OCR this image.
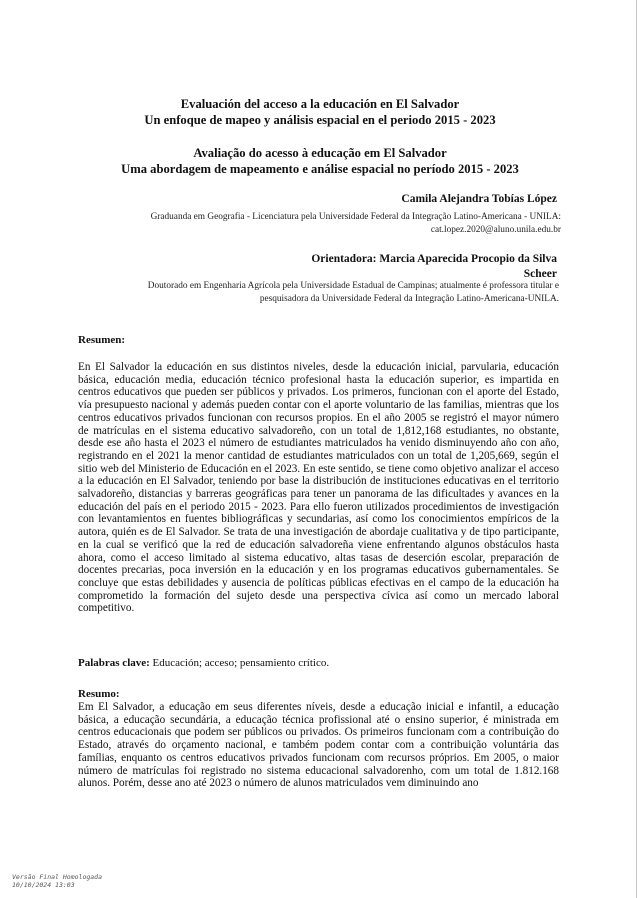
Evaluación del acceso a la educación en El Salvador
Un enfoque de mapeo y análisis espacial en el periodo 2015 - 2023
Avaliação do acesso à educação em El Salvador
Uma abordagem de mapeamento e análise espacial no período 2015 - 2023
Camila Alejandra Tobías López
Graduanda em Geografia - Licenciatura pela Universidade Federal da Integração Latino-Americana - UNILA:
cat.lopez.2020@aluno.unila.edu.br
Orientadora: Marcia Aparecida Procopio da Silva
Scheer
Doutorado em Engenharia Agrícola pela Universidade Estadual de Campinas; atualmente é professora titular e
pesquisadora da Universidade Federal da Integração Latino-Americana-UNILA.
Resumen:
En El Salvador la educación en sus distintos niveles, desde la educación inicial, parvularia, educación básica, educación media, educación técnico profesional hasta la educación superior, es impartida en centros educativos que pueden ser públicos y privados. Los primeros, funcionan con el aporte del Estado, vía presupuesto nacional y además pueden contar con el aporte voluntario de las familias, mientras que los centros educativos privados funcionan con recursos propios. En el año 2005 se registró el mayor número de matrículas en el sistema educativo salvadoreño, con un total de 1,812,168 estudiantes, no obstante, desde ese año hasta el 2023 el número de estudiantes matriculados ha venido disminuyendo año con año, registrando en el 2021 la menor cantidad de estudiantes matriculados con un total de 1,205,669, según el sitio web del Ministerio de Educación en el 2023. En este sentido, se tiene como objetivo analizar el acceso a la educación en El Salvador, teniendo por base la distribución de instituciones educativas en el territorio salvadoreño, distancias y barreras geográficas para tener un panorama de las dificultades y avances en la educación del país en el periodo 2015 - 2023. Para ello fueron utilizados procedimientos de investigación con levantamientos en fuentes bibliográficas y secundarias, así como los conocimientos empíricos de la autora, quién es de El Salvador. Se trata de una investigación de abordaje cualitativa y de tipo participante, en la cual se verificó que la red de educación salvadoreña viene enfrentando algunos obstáculos hasta ahora, como el acceso limitado al sistema educativo, altas tasas de deserción escolar, preparación de docentes precarias, poca inversión en la educación y en los programas educativos gubernamentales. Se concluye que estas debilidades y ausencia de políticas públicas efectivas en el campo de la educación ha comprometido la formación del sujeto desde una perspectiva cívica así como un mercado laboral competitivo.
Palabras clave: Educación; acceso; pensamiento crítico.
Resumo:
Em El Salvador, a educação em seus diferentes níveis, desde a educação inicial e infantil, a educação básica, a educação secundária, a educação técnica profissional até o ensino superior, é ministrada em centros educacionais que podem ser públicos ou privados. Os primeiros funcionam com a contribuição do Estado, através do orçamento nacional, e também podem contar com a contribuição voluntária das famílias, enquanto os centros educativos privados funcionam com recursos próprios. Em 2005, o maior número de matrículas foi registrado no sistema educacional salvadorenho, com um total de 1.812.168 alunos. Porém, desse ano até 2023 o número de alunos matriculados vem diminuindo ano
Versão Final Homologada
10/10/2024 13:03
